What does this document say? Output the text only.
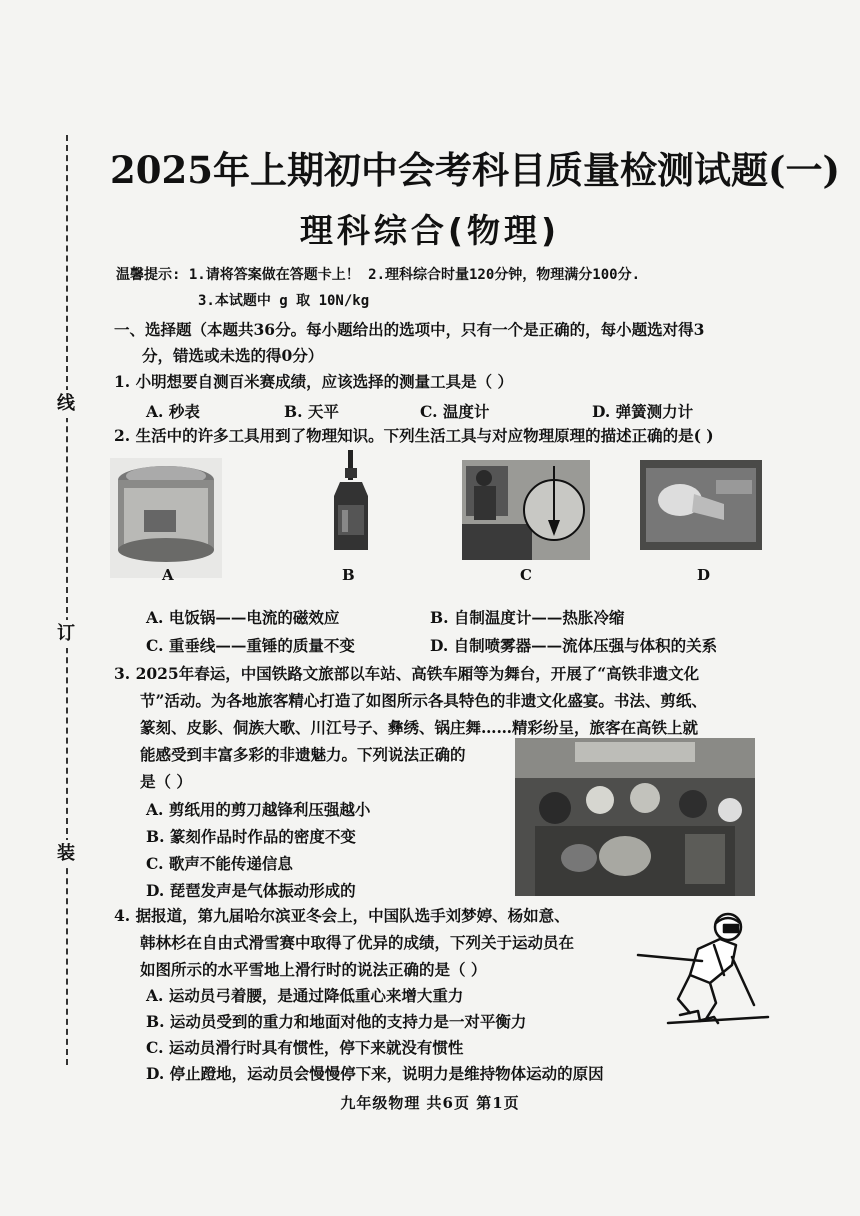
线
订
装
2025年上期初中会考科目质量检测试题(一)
理科综合(物理)
温馨提示: 1.请将答案做在答题卡上！ 2.理科综合时量120分钟，物理满分100分.
3.本试题中 g 取 10N/kg
一、选择题（本题共36分。每小题给出的选项中，只有一个是正确的，每小题选对得3
分，错选或未选的得0分）
1. 小明想要自测百米赛成绩，应该选择的测量工具是（ ）
A. 秒表	B. 天平	C. 温度计	D. 弹簧测力计
2. 生活中的许多工具用到了物理知识。下列生活工具与对应物理原理的描述正确的是( )
A	B	C	D
A. 电饭锅——电流的磁效应	B. 自制温度计——热胀冷缩
C. 重垂线——重锤的质量不变	D. 自制喷雾器——流体压强与体积的关系
3. 2025年春运，中国铁路文旅部以车站、高铁车厢等为舞台，开展了“高铁非遗文化
节”活动。为各地旅客精心打造了如图所示各具特色的非遗文化盛宴。书法、剪纸、
篆刻、皮影、侗族大歌、川江号子、彝绣、锅庄舞……精彩纷呈，旅客在高铁上就
能感受到丰富多彩的非遗魅力。下列说法正确的
是（ ）
A. 剪纸用的剪刀越锋利压强越小
B. 篆刻作品时作品的密度不变
C. 歌声不能传递信息
D. 琵琶发声是气体振动形成的
4. 据报道，第九届哈尔滨亚冬会上，中国队选手刘梦婷、杨如意、
韩林杉在自由式滑雪赛中取得了优异的成绩，下列关于运动员在
如图所示的水平雪地上滑行时的说法正确的是（ ）
A. 运动员弓着腰，是通过降低重心来增大重力
B. 运动员受到的重力和地面对他的支持力是一对平衡力
C. 运动员滑行时具有惯性，停下来就没有惯性
D. 停止蹬地，运动员会慢慢停下来，说明力是维持物体运动的原因
九年级物理 共6页 第1页
